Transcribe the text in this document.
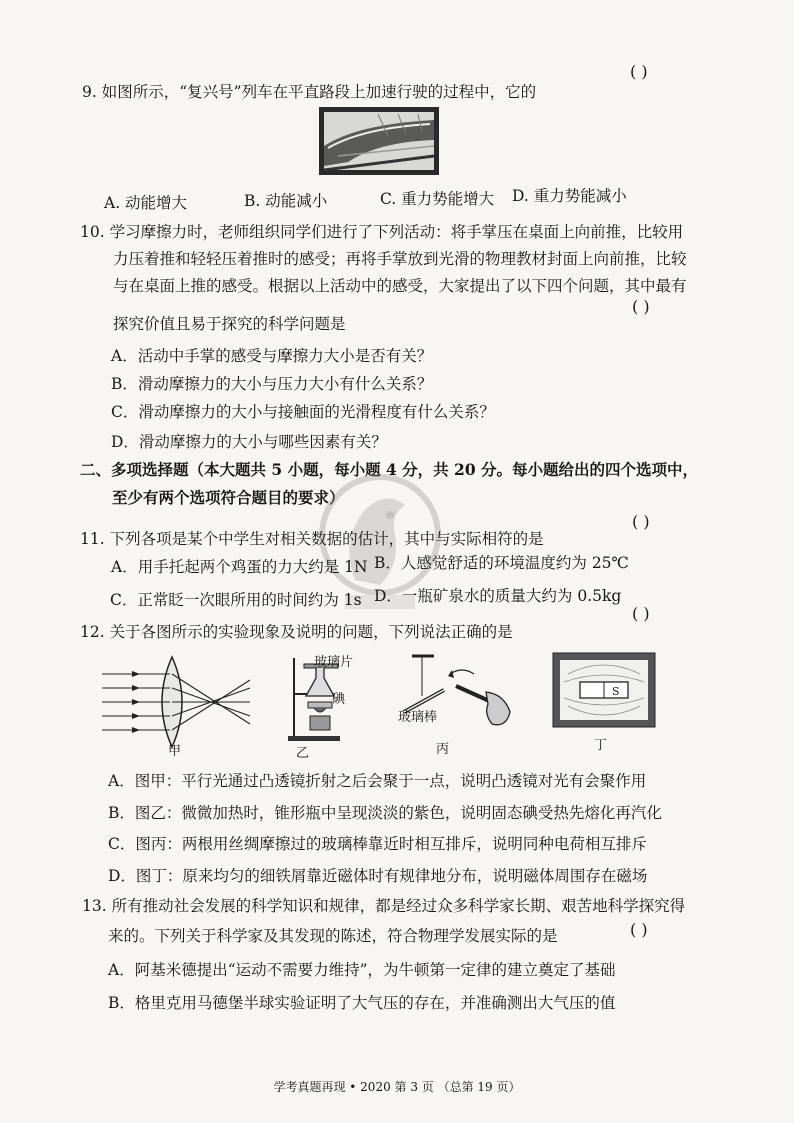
( )
9. 如图所示，“复兴号”列车在平直路段上加速行驶的过程中，它的
A. 动能增大	B. 动能减小	C. 重力势能增大 D. 重力势能减小
10. 学习摩擦力时，老师组织同学们进行了下列活动：将手掌压在桌面上向前推，比较用
力压着推和轻轻压着推时的感受；再将手掌放到光滑的物理教材封面上向前推，比较
与在桌面上推的感受。根据以上活动中的感受，大家提出了以下四个问题，其中最有
( )
探究价值且易于探究的科学问题是
A．活动中手掌的感受与摩擦力大小是否有关？
B．滑动摩擦力的大小与压力大小有什么关系？
C．滑动摩擦力的大小与接触面的光滑程度有什么关系？
D．滑动摩擦力的大小与哪些因素有关？
二、多项选择题（本大题共 5 小题，每小题 4 分，共 20 分。每小题给出的四个选项中，
至少有两个选项符合题目的要求）
( )
11. 下列各项是某个中学生对相关数据的估计，其中与实际相符的是
A．用手托起两个鸡蛋的力大约是 1N B．人感觉舒适的环境温度约为 25℃
C．正常眨一次眼所用的时间约为 1s D．一瓶矿泉水的质量大约为 0.5kg
( )
12. 关于各图所示的实验现象及说明的问题，下列说法正确的是
甲
玻璃片
碘
乙
玻璃棒
丙
S
丁
A．图甲：平行光通过凸透镜折射之后会聚于一点，说明凸透镜对光有会聚作用
B．图乙：微微加热时，锥形瓶中呈现淡淡的紫色，说明固态碘受热先熔化再汽化
C．图丙：两根用丝绸摩擦过的玻璃棒靠近时相互排斥，说明同种电荷相互排斥
D．图丁：原来均匀的细铁屑靠近磁体时有规律地分布，说明磁体周围存在磁场
13. 所有推动社会发展的科学知识和规律，都是经过众多科学家长期、艰苦地科学探究得
( )
来的。下列关于科学家及其发现的陈述，符合物理学发展实际的是
A．阿基米德提出“运动不需要力维持”，为牛顿第一定律的建立奠定了基础
B．格里克用马德堡半球实验证明了大气压的存在，并准确测出大气压的值
学考真题再现 • 2020 第 3 页 （总第 19 页）
